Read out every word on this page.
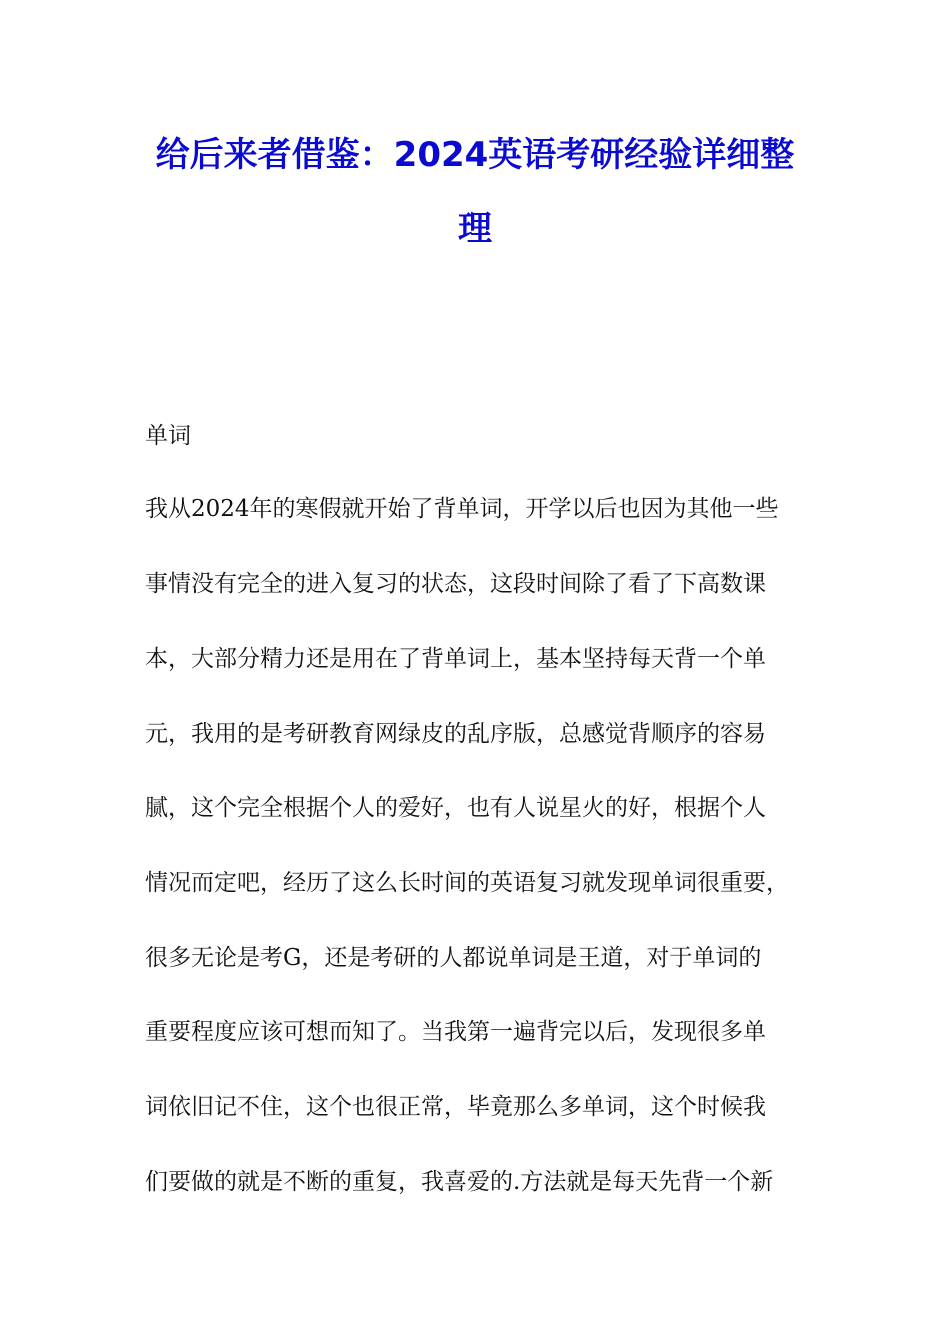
给后来者借鉴：2024英语考研经验详细整
理

单词

我从2024年的寒假就开始了背单词，开学以后也因为其他一些

事情没有完全的进入复习的状态，这段时间除了看了下高数课

本，大部分精力还是用在了背单词上，基本坚持每天背一个单

元，我用的是考研教育网绿皮的乱序版，总感觉背顺序的容易

腻，这个完全根据个人的爱好，也有人说星火的好，根据个人

情况而定吧，经历了这么长时间的英语复习就发现单词很重要，

很多无论是考G，还是考研的人都说单词是王道，对于单词的

重要程度应该可想而知了。当我第一遍背完以后，发现很多单

词依旧记不住，这个也很正常，毕竟那么多单词，这个时候我

们要做的就是不断的重复，我喜爱的.方法就是每天先背一个新
